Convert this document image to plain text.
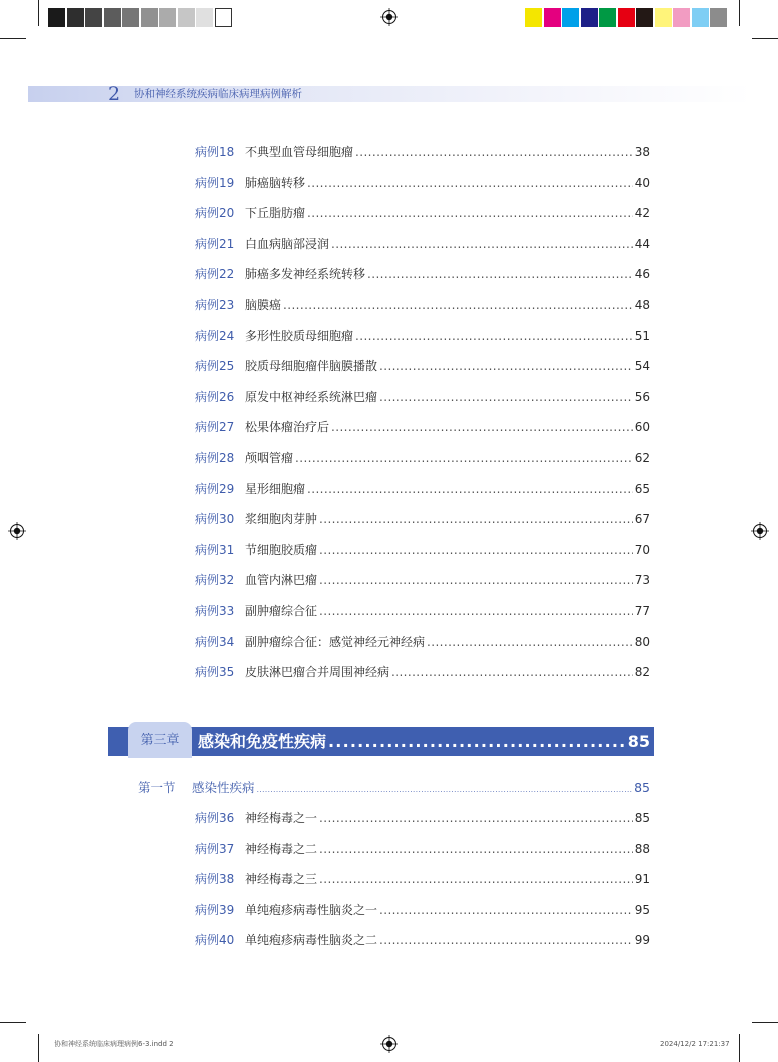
2 协和神经系统疾病临床病理病例解析
病例18 不典型血管母细胞瘤 .....	38
病例19 肺癌脑转移 .....	40
病例20 下丘脂肪瘤 .....	42
病例21 白血病脑部浸润 .....	44
病例22 肺癌多发神经系统转移 .....	46
病例23 脑膜癌 .....	48
病例24 多形性胶质母细胞瘤 .....	51
病例25 胶质母细胞瘤伴脑膜播散 .....	54
病例26 原发中枢神经系统淋巴瘤 .....	56
病例27 松果体瘤治疗后 .....	60
病例28 颅咽管瘤 .....	62
病例29 星形细胞瘤 .....	65
病例30 浆细胞肉芽肿 .....	67
病例31 节细胞胶质瘤 .....	70
病例32 血管内淋巴瘤 .....	73
病例33 副肿瘤综合征 .....	77
病例34 副肿瘤综合征：感觉神经元神经病 .....	80
病例35 皮肤淋巴瘤合并周围神经病 .....	82
第三章	感染和免疫性疾病 .....	85
第一节	感染性疾病 .....	85
病例36 神经梅毒之一 .....	85
病例37 神经梅毒之二 .....	88
病例38 神经梅毒之三 .....	91
病例39 单纯疱疹病毒性脑炎之一 .....	95
病例40 单纯疱疹病毒性脑炎之二 .....	99
协和神经系统临床病理病例6-3.indd 2	2024/12/2 17:21:37
